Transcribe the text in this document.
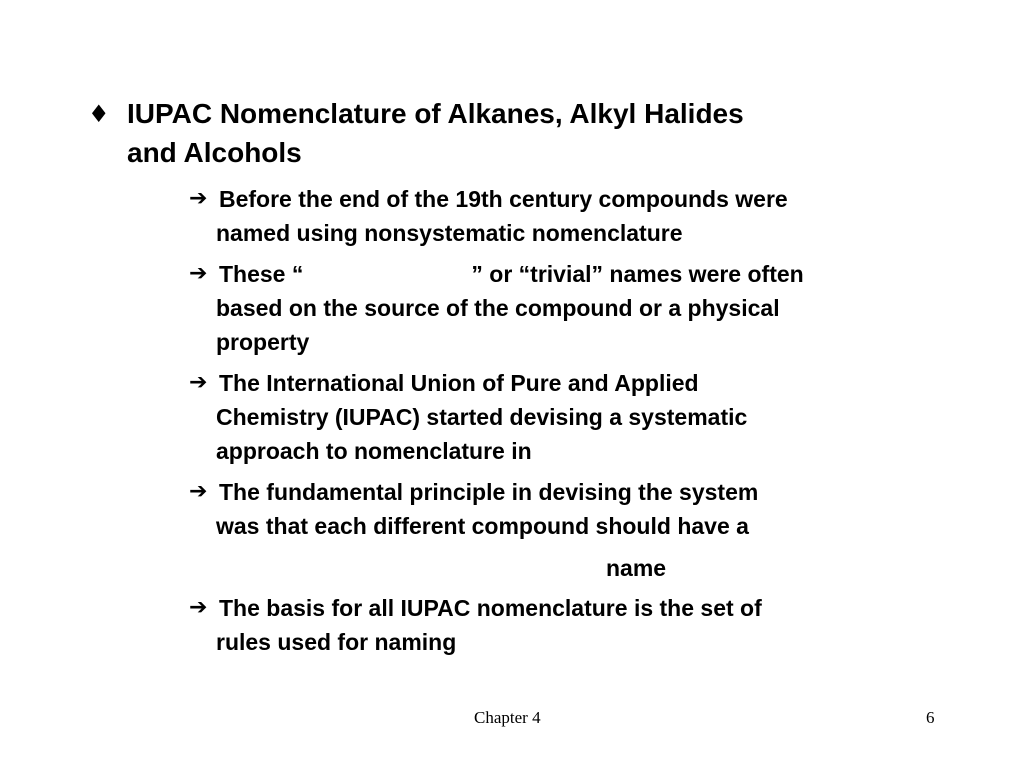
♦ IUPAC Nomenclature of Alkanes, Alkyl Halides
and Alcohols
➔ Before the end of the 19th century compounds were
named using nonsystematic nomenclature
➔ These “	” or “trivial” names were often
based on the source of the compound or a physical
property
➔ The International Union of Pure and Applied
Chemistry (IUPAC) started devising a systematic
approach to nomenclature in
➔ The fundamental principle in devising the system
was that each different compound should have a
name
➔ The basis for all IUPAC nomenclature is the set of
rules used for naming
Chapter 4	6
